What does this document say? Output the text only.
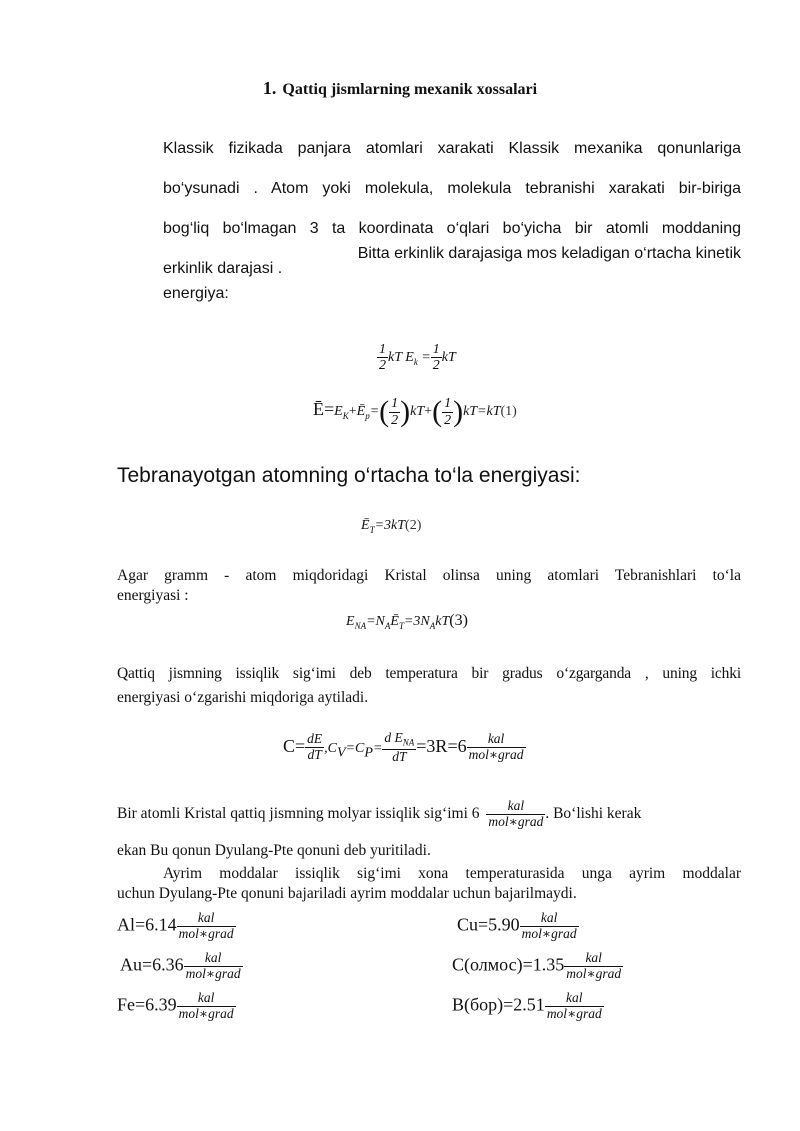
1. Qattiq jismlarning mexanik xossalari
Klassik fizikada panjara atomlari xarakati Klassik mexanika qonunlariga
bo‘ysunadi . Atom yoki molekula, molekula tebranishi xarakati bir-biriga
bog‘liq bo‘lmagan 3 ta koordinata o‘qlari bo‘yicha bir atomli moddaning
erkinlik darajasi .
Bitta erkinlik darajasiga mos keladigan o‘rtacha kinetik
energiya:
$\frac{1}{2}$ kT $E_k = \frac{1}{2}$ kT
$Ē=E_K+Ē_p=( \frac{1}{2} )kT+( \frac{1}{2} )kT=kT(1)$
Tebranayotgan atomning o‘rtacha to‘la energiyasi:
$Ē_T=3kT(2)$
Agar gramm - atom miqdoridagi Kristal olinsa uning atomlari Tebranishlari to‘la
energiyasi :
$E_{NA}=N_AĒ_T=3N_AkT(3)$
Qattiq jismning issiqlik sig‘imi deb temperatura bir gradus o‘zgarganda , uning ichki
energiyasi o‘zgarishi miqdoriga aytiladi.
$C= \frac{dE}{dT} ,C_V=C_P= \frac{d E_{NA}}{dT} =3R=6 \frac{\text{kal}}{\text{mol∗grad}}$
Bir atomli Kristal qattiq jismning molyar issiqlik sig‘imi $6 \frac{\text{kal}}{\text{mol∗grad}}$ . Bo‘lishi kerak
ekan Bu qonun Dyulang-Pte qonuni deb yuritiladi.
Ayrim moddalar issiqlik sig‘imi xona temperaturasida unga ayrim moddalar
uchun Dyulang-Pte qonuni bajariladi ayrim moddalar uchun bajarilmaydi.
$Al=6.14 \frac{\text{kal}}{\text{mol∗grad}}$	$Cu=5.90 \frac{\text{kal}}{\text{mol∗grad}}$
$Au=6.36 \frac{\text{kal}}{\text{mol∗grad}}$	C(олмос)=1.35 $\frac{\text{kal}}{\text{mol∗grad}}$
$Fe=6.39 \frac{\text{kal}}{\text{mol∗grad}}$	$B(бор)=2.51 \frac{\text{kal}}{\text{mol∗grad}}$
